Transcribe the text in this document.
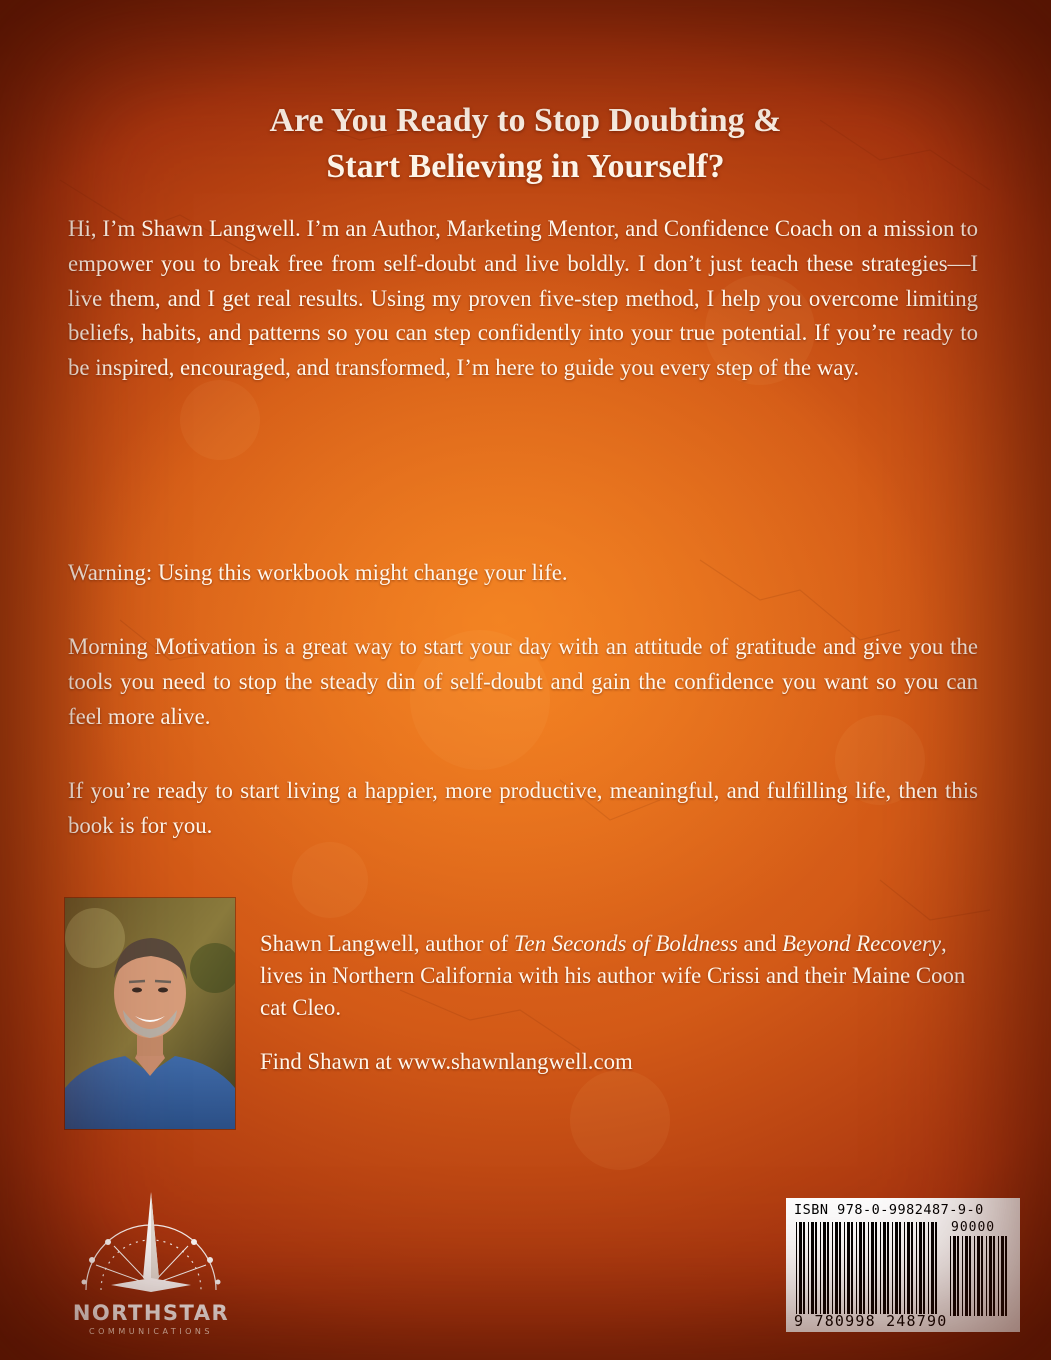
Are You Ready to Stop Doubting &
Start Believing in Yourself?

Hi, I’m Shawn Langwell. I’m an Author, Marketing Mentor, and Confidence Coach on a mission to empower you to break free from self-doubt and live boldly. I don’t just teach these strategies—I live them, and I get real results. Using my proven five-step method, I help you overcome limiting beliefs, habits, and patterns so you can step confidently into your true potential. If you’re ready to be inspired, encouraged, and transformed, I’m here to guide you every step of the way.

Warning: Using this workbook might change your life.

Morning Motivation is a great way to start your day with an attitude of gratitude and give you the tools you need to stop the steady din of self-doubt and gain the confidence you want so you can feel more alive.

If you’re ready to start living a happier, more productive, meaningful, and fulfilling life, then this book is for you.

Shawn Langwell, author of Ten Seconds of Boldness and Beyond Recovery, lives in Northern California with his author wife Crissi and their Maine Coon cat Cleo.

Find Shawn at www.shawnlangwell.com

NORTHSTAR
COMMUNICATIONS
ISBN 978-0-9982487-9-0
90000
9 780998 248790
